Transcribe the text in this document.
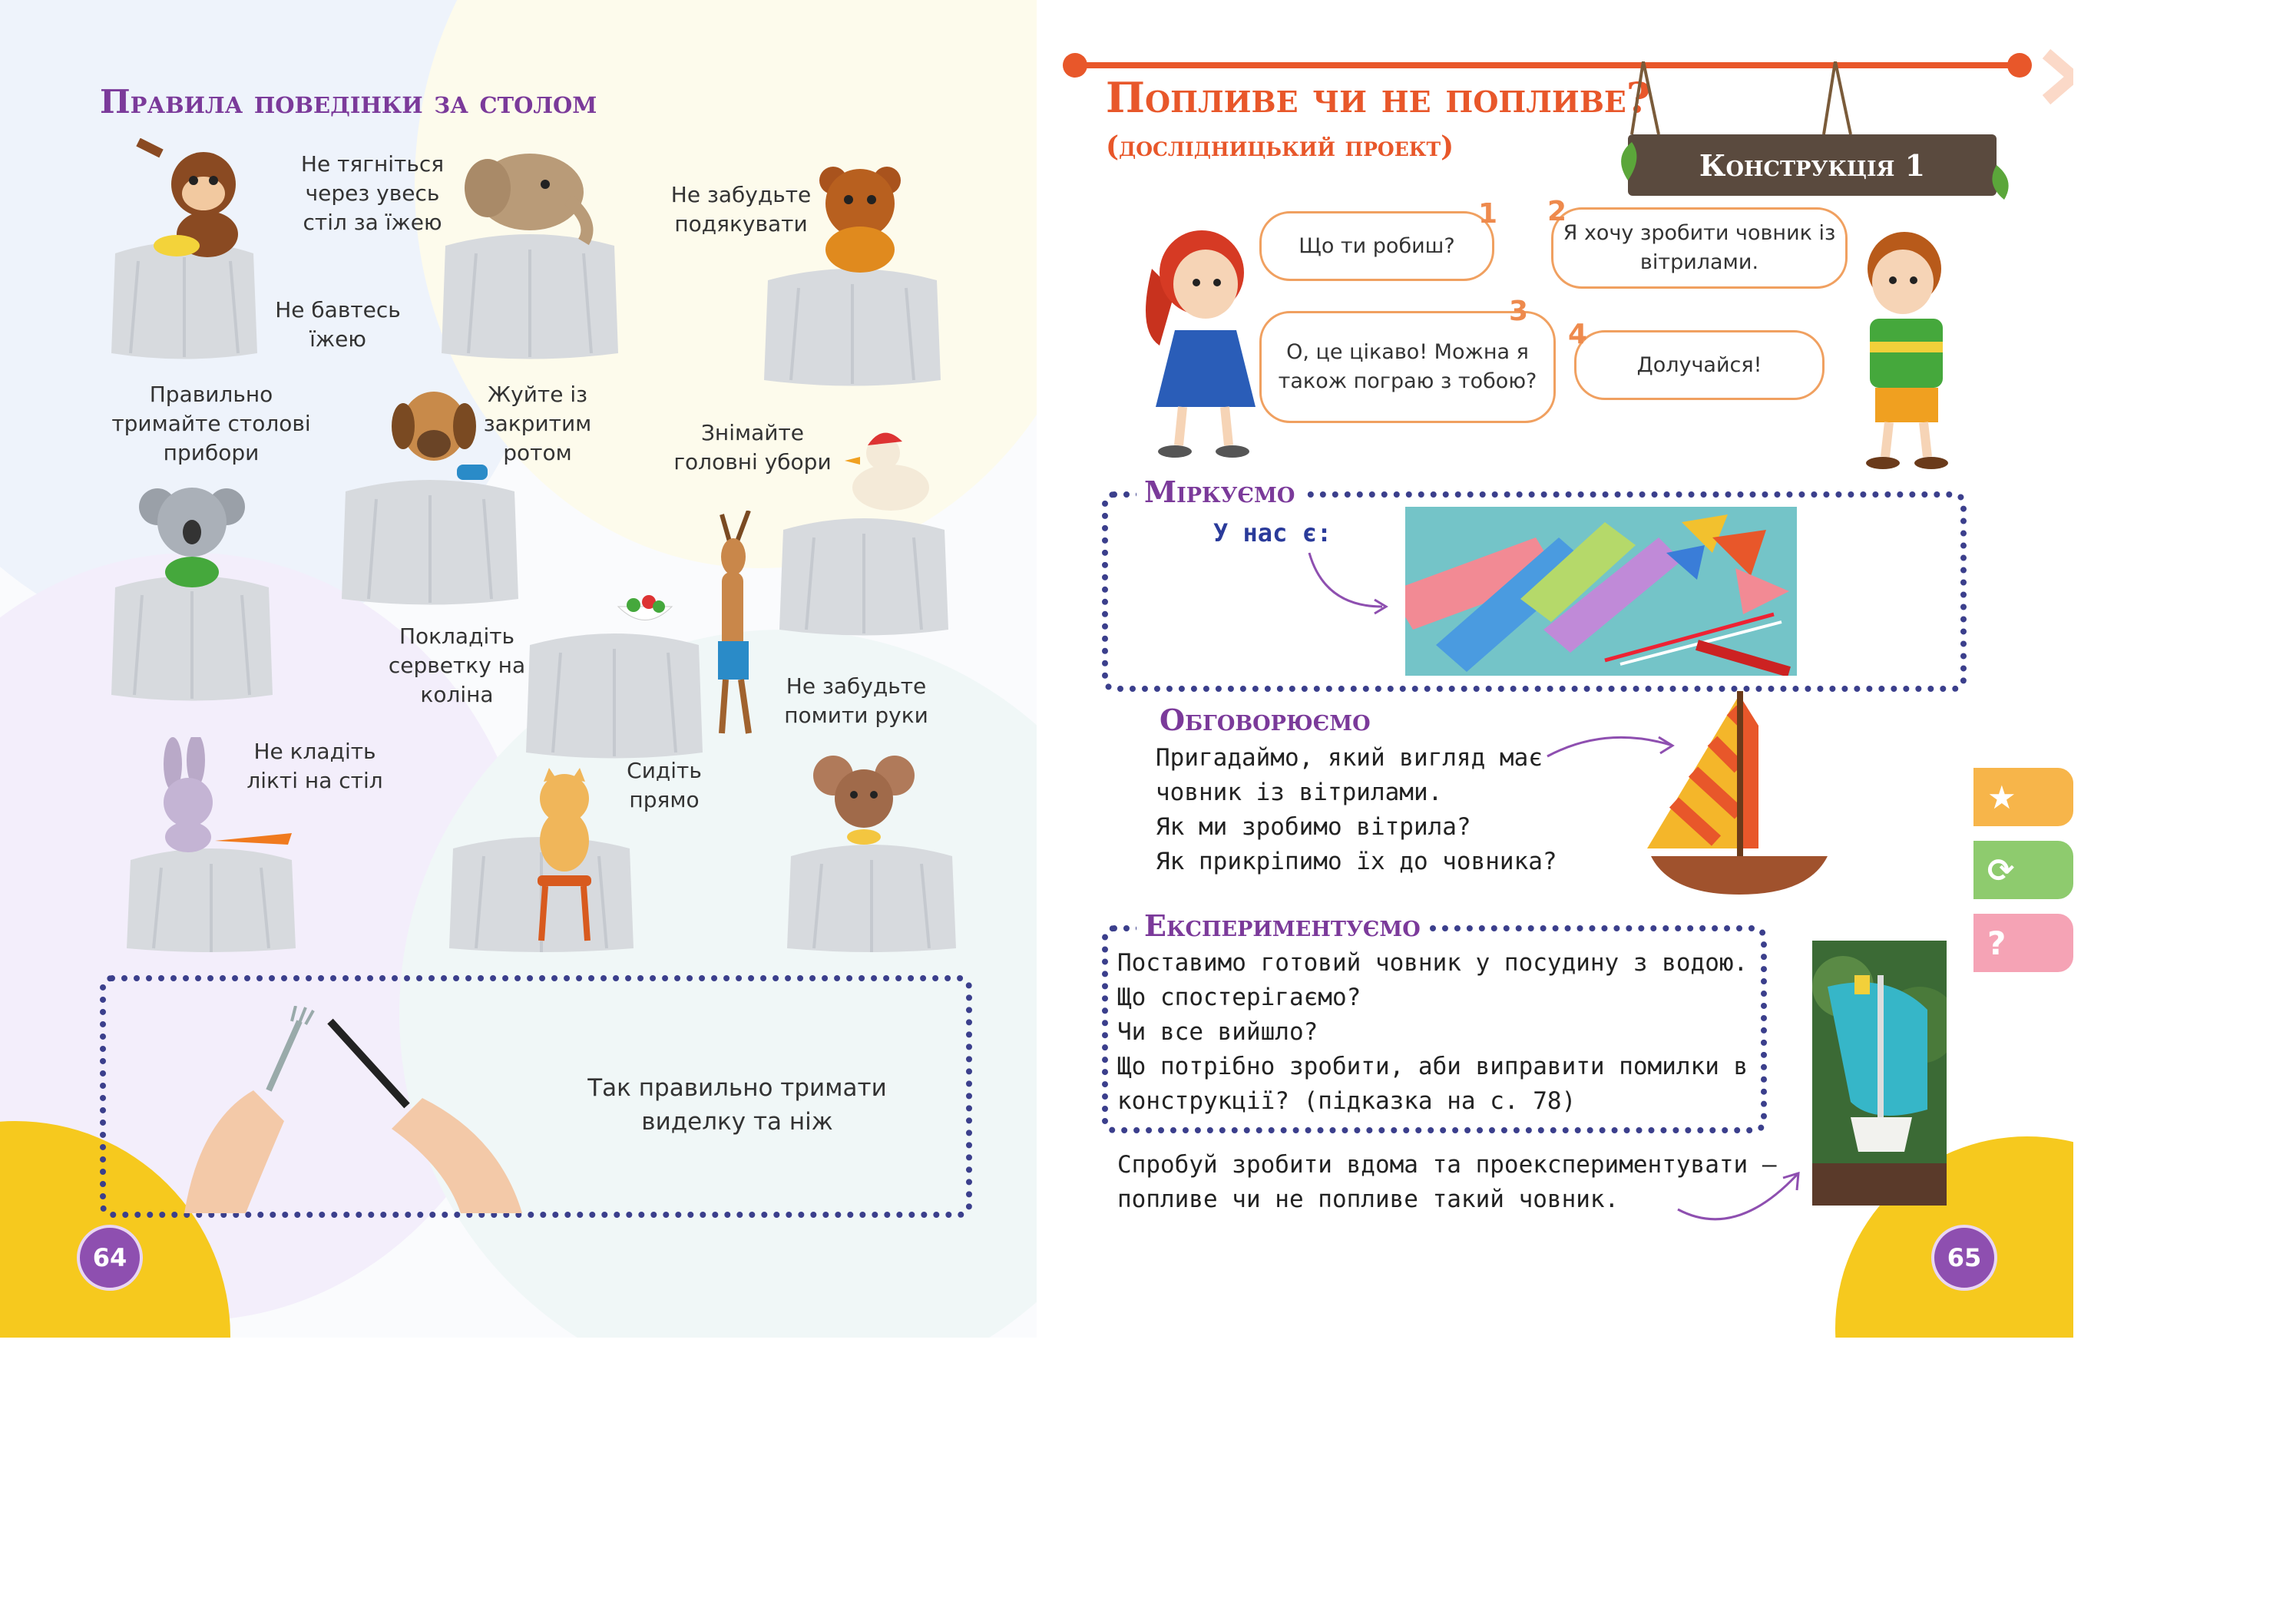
Правила поведінки за столом
Не тягніться через увесь стіл за їжею
Не бавтесь їжею
Не забудьте подякувати
Правильно тримайте столові прибори
Жуйте із закритим ротом
Знімайте головні убори
Покладіть серветку на коліна	Не забудьте помити руки
Не кладіть лікті на стіл	Сидіть прямо
Так правильно тримати виделку та ніж
64
Попливе чи не попливе?
(дослідницький проект)
Конструкція 1
Що ти робиш?
1
Я хочу зробити човник із вітрилами.
2
О, це цікаво! Можна я також пограю з тобою?
3
Долучайся!
4
Міркуємо
У нас є:
Обговорюємо
Пригадаймо, який вигляд має
човник із вітрилами.
Як ми зробимо вітрила?
Як прикріпимо їх до човника?
Експериментуємо
Поставимо готовий човник у посудину з водою.
Що спостерігаємо?
Чи все вийшло?
Що потрібно зробити, аби виправити помилки в
конструкції? (підказка на с. 78)
Спробуй зробити вдома та проекспериментувати —
попливе чи не попливе такий човник.
65
★
⟳
?
